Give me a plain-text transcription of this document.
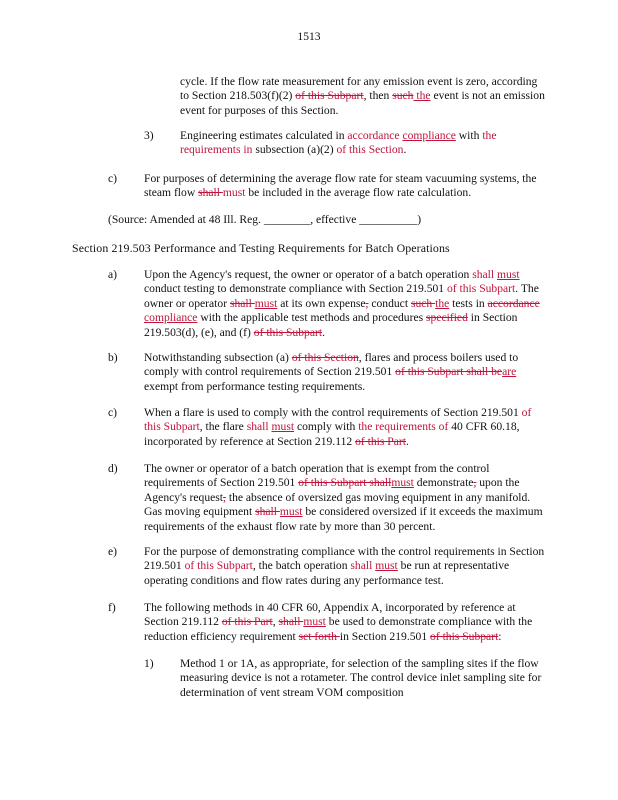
1513
cycle. If the flow rate measurement for any emission event is zero, according to Section 218.503(f)(2) of this Subpart, then such the event is not an emission event for purposes of this Section.
3) Engineering estimates calculated in accordance compliance with the requirements in subsection (a)(2) of this Section.
c) For purposes of determining the average flow rate for steam vacuuming systems, the steam flow shall must be included in the average flow rate calculation.
(Source: Amended at 48 Ill. Reg. ________, effective __________)
Section 219.503 Performance and Testing Requirements for Batch Operations
a) Upon the Agency's request, the owner or operator of a batch operation shall must conduct testing to demonstrate compliance with Section 219.501 of this Subpart. The owner or operator shall must at its own expense, conduct such the tests in accordance compliance with the applicable test methods and procedures specified in Section 219.503(d), (e), and (f) of this Subpart.
b) Notwithstanding subsection (a) of this Section, flares and process boilers used to comply with control requirements of Section 219.501 of this Subpart shall beare exempt from performance testing requirements.
c) When a flare is used to comply with the control requirements of Section 219.501 of this Subpart, the flare shall must comply with the requirements of 40 CFR 60.18, incorporated by reference at Section 219.112 of this Part.
d) The owner or operator of a batch operation that is exempt from the control requirements of Section 219.501 of this Subpart shallmust demonstrate, upon the Agency's request, the absence of oversized gas moving equipment in any manifold. Gas moving equipment shall must be considered oversized if it exceeds the maximum requirements of the exhaust flow rate by more than 30 percent.
e) For the purpose of demonstrating compliance with the control requirements in Section 219.501 of this Subpart, the batch operation shall must be run at representative operating conditions and flow rates during any performance test.
f) The following methods in 40 CFR 60, Appendix A, incorporated by reference at Section 219.112 of this Part, shall must be used to demonstrate compliance with the reduction efficiency requirement set forth in Section 219.501 of this Subpart:
1) Method 1 or 1A, as appropriate, for selection of the sampling sites if the flow measuring device is not a rotameter. The control device inlet sampling site for determination of vent stream VOM composition
